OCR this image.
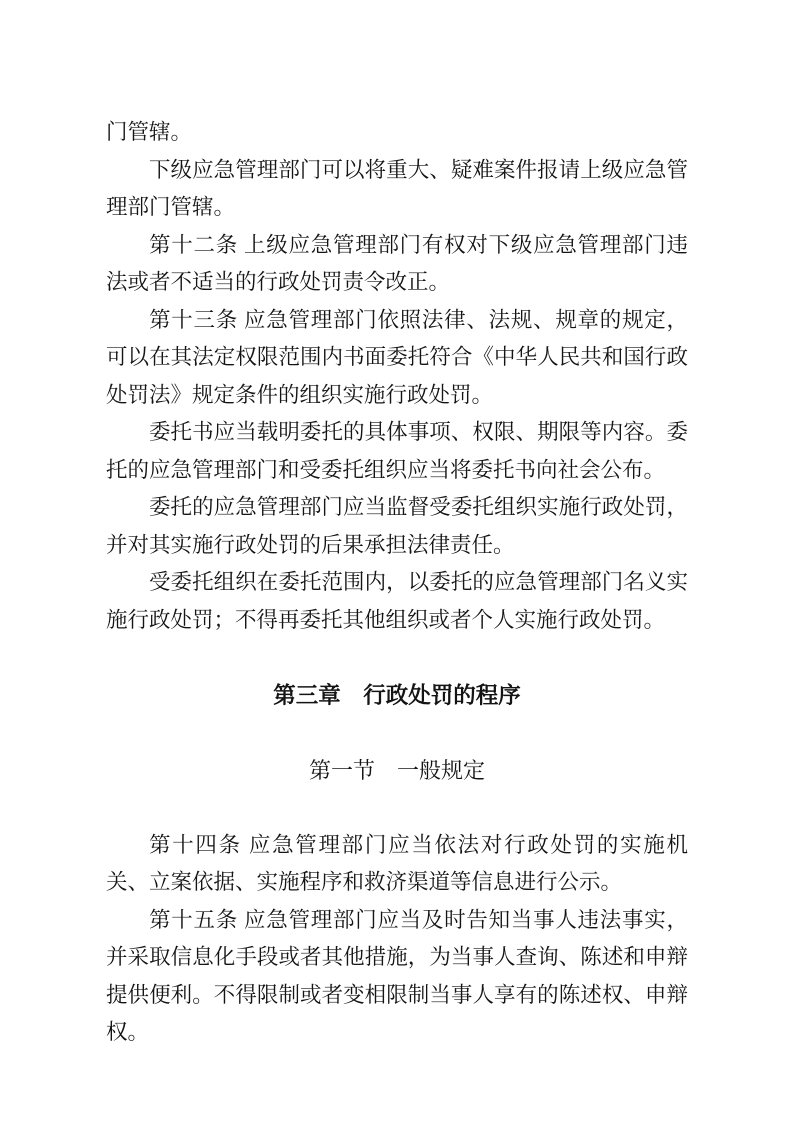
门管辖。

下级应急管理部门可以将重大、疑难案件报请上级应急管理部门管辖。

第十二条 上级应急管理部门有权对下级应急管理部门违法或者不适当的行政处罚责令改正。

第十三条 应急管理部门依照法律、法规、规章的规定，可以在其法定权限范围内书面委托符合《中华人民共和国行政处罚法》规定条件的组织实施行政处罚。

委托书应当载明委托的具体事项、权限、期限等内容。委托的应急管理部门和受委托组织应当将委托书向社会公布。

委托的应急管理部门应当监督受委托组织实施行政处罚，并对其实施行政处罚的后果承担法律责任。

受委托组织在委托范围内，以委托的应急管理部门名义实施行政处罚；不得再委托其他组织或者个人实施行政处罚。

第三章　行政处罚的程序
第一节　一般规定

第十四条 应急管理部门应当依法对行政处罚的实施机关、立案依据、实施程序和救济渠道等信息进行公示。

第十五条 应急管理部门应当及时告知当事人违法事实，并采取信息化手段或者其他措施，为当事人查询、陈述和申辩提供便利。不得限制或者变相限制当事人享有的陈述权、申辩权。
